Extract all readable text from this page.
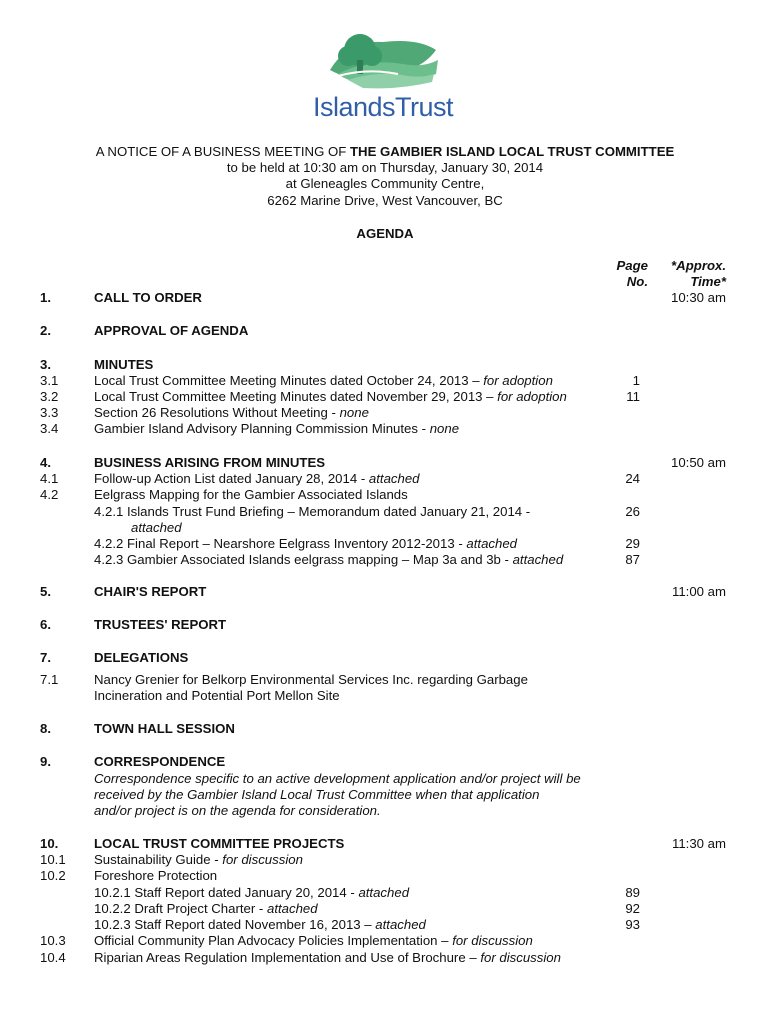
IslandsTrust
A NOTICE OF A BUSINESS MEETING OF THE GAMBIER ISLAND LOCAL TRUST COMMITTEE
to be held at 10:30 am on Thursday, January 30, 2014
at Gleneagles Community Centre,
6262 Marine Drive, West Vancouver, BC
AGENDA
Page
No.
*Approx.
Time*
1.	CALL TO ORDER	10:30 am
2.	APPROVAL OF AGENDA
3.	MINUTES
3.1	Local Trust Committee Meeting Minutes dated October 24, 2013 – for adoption	1
3.2	Local Trust Committee Meeting Minutes dated November 29, 2013 – for adoption	11
3.3	Section 26 Resolutions Without Meeting - none
3.4	Gambier Island Advisory Planning Commission Minutes - none
4.	BUSINESS ARISING FROM MINUTES	10:50 am
4.1	Follow-up Action List dated January 28, 2014 - attached	24
4.2	Eelgrass Mapping for the Gambier Associated Islands
4.2.1 Islands Trust Fund Briefing – Memorandum dated January 21, 2014 -	26
attached
4.2.2 Final Report – Nearshore Eelgrass Inventory 2012-2013 - attached	29
4.2.3 Gambier Associated Islands eelgrass mapping – Map 3a and 3b - attached	87
5.	CHAIR'S REPORT	11:00 am
6.	TRUSTEES' REPORT
7.	DELEGATIONS
7.1	Nancy Grenier for Belkorp Environmental Services Inc. regarding Garbage
Incineration and Potential Port Mellon Site
8.	TOWN HALL SESSION
9.	CORRESPONDENCE
Correspondence specific to an active development application and/or project will be
received by the Gambier Island Local Trust Committee when that application
and/or project is on the agenda for consideration.
10.	LOCAL TRUST COMMITTEE PROJECTS	11:30 am
10.1 Sustainability Guide - for discussion
10.2 Foreshore Protection
10.2.1 Staff Report dated January 20, 2014 - attached	89
10.2.2 Draft Project Charter - attached	92
10.2.3 Staff Report dated November 16, 2013 – attached	93
10.3 Official Community Plan Advocacy Policies Implementation – for discussion
10.4 Riparian Areas Regulation Implementation and Use of Brochure – for discussion
